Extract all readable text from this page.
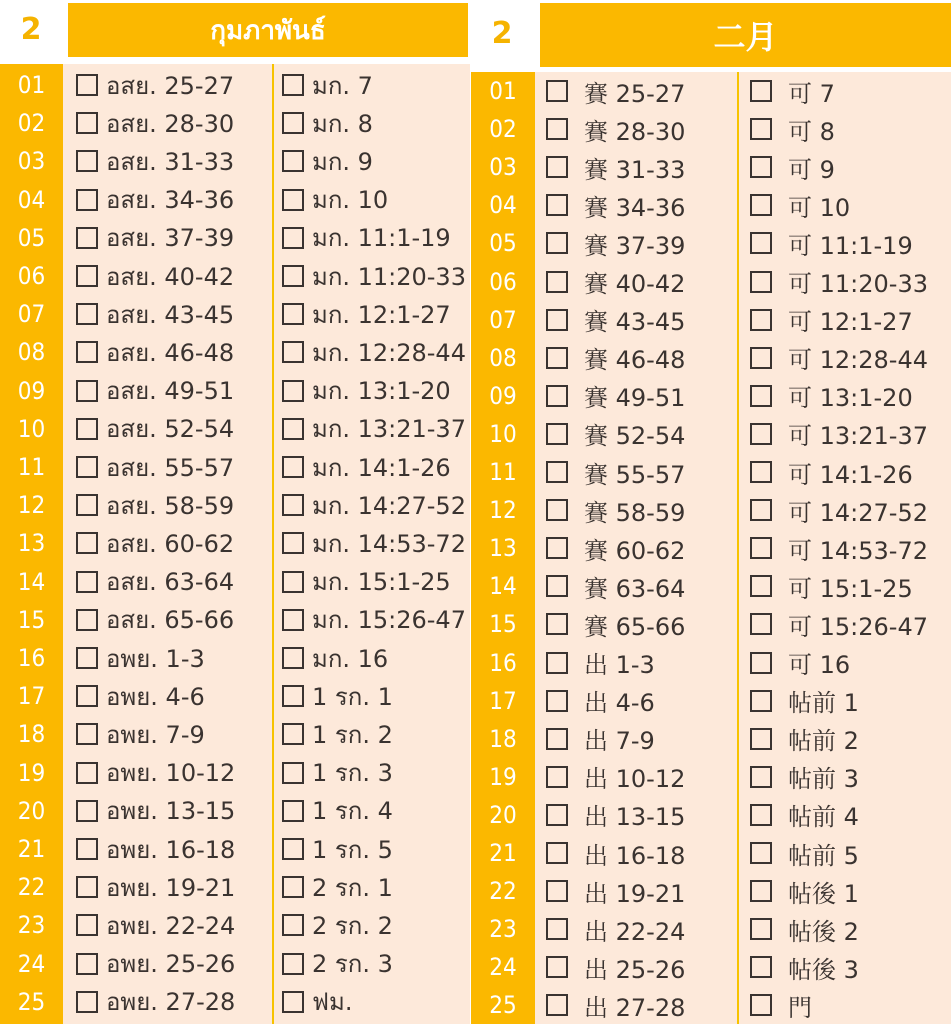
2	กุมภาพันธ์
01	อสย. 25-27	มก. 7
02	อสย. 28-30	มก. 8
03	อสย. 31-33	มก. 9
04	อสย. 34-36	มก. 10
05	อสย. 37-39	มก. 11:1-19
06	อสย. 40-42	มก. 11:20-33
07	อสย. 43-45	มก. 12:1-27
08	อสย. 46-48	มก. 12:28-44
09	อสย. 49-51	มก. 13:1-20
10	อสย. 52-54	มก. 13:21-37
11	อสย. 55-57	มก. 14:1-26
12	อสย. 58-59	มก. 14:27-52
13	อสย. 60-62	มก. 14:53-72
14	อสย. 63-64	มก. 15:1-25
15	อสย. 65-66	มก. 15:26-47
16	อพย. 1-3	มก. 16
17	อพย. 4-6	1 รก. 1
18	อพย. 7-9	1 รก. 2
19	อพย. 10-12	1 รก. 3
20	อพย. 13-15	1 รก. 4
21	อพย. 16-18	1 รก. 5
22	อพย. 19-21	2 รก. 1
23	อพย. 22-24	2 รก. 2
24	อพย. 25-26	2 รก. 3
25	อพย. 27-28	ฟม.
2	二月
01	賽 25-27	可 7
02	賽 28-30	可 8
03	賽 31-33	可 9
04	賽 34-36	可 10
05	賽 37-39	可 11:1-19
06	賽 40-42	可 11:20-33
07	賽 43-45	可 12:1-27
08	賽 46-48	可 12:28-44
09	賽 49-51	可 13:1-20
10	賽 52-54	可 13:21-37
11	賽 55-57	可 14:1-26
12	賽 58-59	可 14:27-52
13	賽 60-62	可 14:53-72
14	賽 63-64	可 15:1-25
15	賽 65-66	可 15:26-47
16	出 1-3	可 16
17	出 4-6	帖前 1
18	出 7-9	帖前 2
19	出 10-12	帖前 3
20	出 13-15	帖前 4
21	出 16-18	帖前 5
22	出 19-21	帖後 1
23	出 22-24	帖後 2
24	出 25-26	帖後 3
25	出 27-28	門
